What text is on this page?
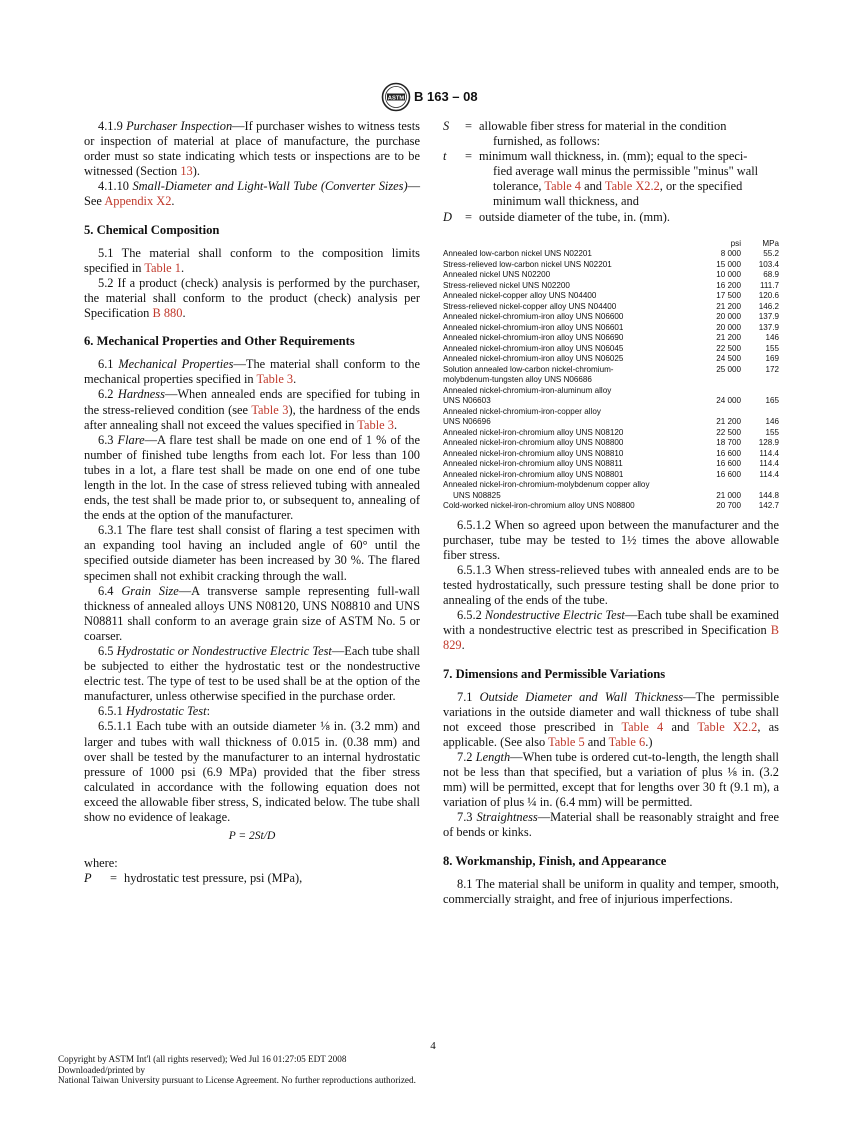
ASTM B 163 – 08

4.1.9 Purchaser Inspection—If purchaser wishes to witness tests or inspection of material at place of manufacture, the purchase order must so state indicating which tests or inspections are to be witnessed (Section 13).

4.1.10 Small-Diameter and Light-Wall Tube (Converter Sizes)—See Appendix X2.

5. Chemical Composition

5.1 The material shall conform to the composition limits specified in Table 1.

5.2 If a product (check) analysis is performed by the purchaser, the material shall conform to the product (check) analysis per Specification B 880.

6. Mechanical Properties and Other Requirements

6.1 Mechanical Properties—The material shall conform to the mechanical properties specified in Table 3.

6.2 Hardness—When annealed ends are specified for tubing in the stress-relieved condition (see Table 3), the hardness of the ends after annealing shall not exceed the values specified in Table 3.

6.3 Flare—A flare test shall be made on one end of 1 % of the number of finished tube lengths from each lot. For less than 100 tubes in a lot, a flare test shall be made on one end of one tube length in the lot. In the case of stress relieved tubing with annealed ends, the test shall be made prior to, or subsequent to, annealing of the ends at the option of the manufacturer.

6.3.1 The flare test shall consist of flaring a test specimen with an expanding tool having an included angle of 60° until the specified outside diameter has been increased by 30 %. The flared specimen shall not exhibit cracking through the wall.

6.4 Grain Size—A transverse sample representing full-wall thickness of annealed alloys UNS N08120, UNS N08810 and UNS N08811 shall conform to an average grain size of ASTM No. 5 or coarser.

6.5 Hydrostatic or Nondestructive Electric Test—Each tube shall be subjected to either the hydrostatic test or the nondestructive electric test. The type of test to be used shall be at the option of the manufacturer, unless otherwise specified in the purchase order.

6.5.1 Hydrostatic Test:

6.5.1.1 Each tube with an outside diameter ⅛ in. (3.2 mm) and larger and tubes with wall thickness of 0.015 in. (0.38 mm) and over shall be tested by the manufacturer to an internal hydrostatic pressure of 1000 psi (6.9 MPa) provided that the fiber stress calculated in accordance with the following equation does not exceed the allowable fiber stress, S, indicated below. The tube shall show no evidence of leakage.

P = 2St/D
where:
P	= hydrostatic test pressure, psi (MPa),
S	= allowable fiber stress for material in the condition
furnished, as follows:
t	= minimum wall thickness, in. (mm); equal to the speci-
fied average wall minus the permissible "minus" wall
tolerance, Table 4 and Table X2.2, or the specified
minimum wall thickness, and
D	= outside diameter of the tube, in. (mm).
psi	MPa
Annealed low-carbon nickel UNS N02201	8 000	55.2
Stress-relieved low-carbon nickel UNS N02201	15 000	103.4
Annealed nickel UNS N02200	10 000	68.9
Stress-relieved nickel UNS N02200	16 200	111.7
Annealed nickel-copper alloy UNS N04400	17 500	120.6
Stress-relieved nickel-copper alloy UNS N04400	21 200	146.2
Annealed nickel-chromium-iron alloy UNS N06600	20 000	137.9
Annealed nickel-chromium-iron alloy UNS N06601	20 000	137.9
Annealed nickel-chromium-iron alloy UNS N06690	21 200	146
Annealed nickel-chromium-iron alloy UNS N06045	22 500	155
Annealed nickel-chromium-iron alloy UNS N06025	24 500	169
Solution annealed low-carbon nickel-chromium-	25 000	172
molybdenum-tungsten alloy UNS N06686
Annealed nickel-chromium-iron-aluminum alloy
UNS N06603	24 000	165
Annealed nickel-chromium-iron-copper alloy
UNS N06696	21 200	146
Annealed nickel-iron-chromium alloy UNS N08120	22 500	155
Annealed nickel-iron-chromium alloy UNS N08800	18 700	128.9
Annealed nickel-iron-chromium alloy UNS N08810	16 600	114.4
Annealed nickel-iron-chromium alloy UNS N08811	16 600	114.4
Annealed nickel-iron-chromium alloy UNS N08801	16 600	114.4
Annealed nickel-iron-chromium-molybdenum copper alloy
UNS N08825	21 000	144.8
Cold-worked nickel-iron-chromium alloy UNS N08800	20 700	142.7

6.5.1.2 When so agreed upon between the manufacturer and the purchaser, tube may be tested to 1½ times the above allowable fiber stress.

6.5.1.3 When stress-relieved tubes with annealed ends are to be tested hydrostatically, such pressure testing shall be done prior to annealing of the ends of the tube.

6.5.2 Nondestructive Electric Test—Each tube shall be examined with a nondestructive electric test as prescribed in Specification B 829.

7. Dimensions and Permissible Variations

7.1 Outside Diameter and Wall Thickness—The permissible variations in the outside diameter and wall thickness of tube shall not exceed those prescribed in Table 4 and Table X2.2, as applicable. (See also Table 5 and Table 6.)

7.2 Length—When tube is ordered cut-to-length, the length shall not be less than that specified, but a variation of plus ⅛ in. (3.2 mm) will be permitted, except that for lengths over 30 ft (9.1 m), a variation of plus ¼ in. (6.4 mm) will be permitted.

7.3 Straightness—Material shall be reasonably straight and free of bends or kinks.

8. Workmanship, Finish, and Appearance

8.1 The material shall be uniform in quality and temper, smooth, commercially straight, and free of injurious imperfections.

4
Copyright by ASTM Int'l (all rights reserved); Wed Jul 16 01:27:05 EDT 2008
Downloaded/printed by
National Taiwan University pursuant to License Agreement. No further reproductions authorized.
